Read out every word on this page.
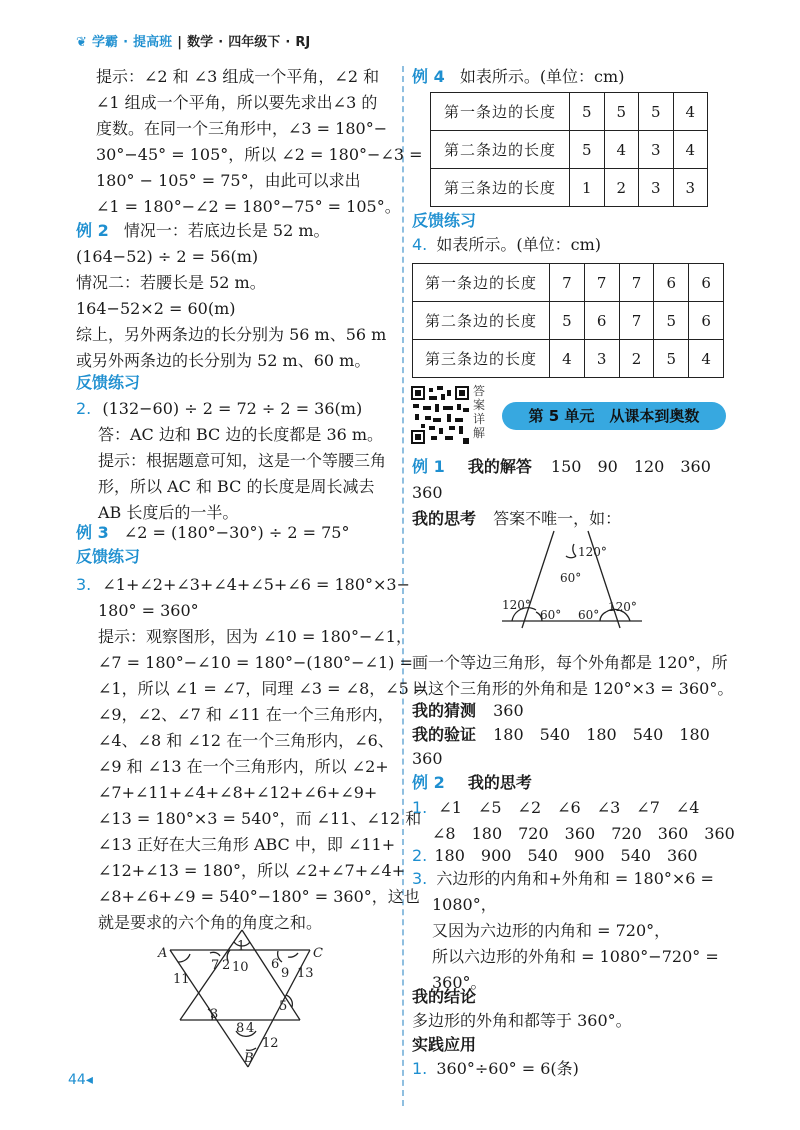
❦ 学霸 · 提高班 | 数学 · 四年级下 · RJ
提示：∠2 和 ∠3 组成一个平角，∠2 和
∠1 组成一个平角，所以要先求出∠3 的
度数。在同一个三角形中，∠3 = 180°−
30°−45° = 105°，所以 ∠2 = 180°−∠3 =
180° − 105° = 75°，由此可以求出
∠1 = 180°−∠2 = 180°−75° = 105°。
例 2 情况一：若底边长是 52 m。
(164−52) ÷ 2 = 56(m)
情况二：若腰长是 52 m。
164−52×2 = 60(m)
综上，另外两条边的长分别为 56 m、56 m
或另外两条边的长分别为 52 m、60 m。
反馈练习
2. (132−60) ÷ 2 = 72 ÷ 2 = 36(m)
答：AC 边和 BC 边的长度都是 36 m。
提示：根据题意可知，这是一个等腰三角
形，所以 AC 和 BC 的长度是周长减去
AB 长度后的一半。
例 3 ∠2 = (180°−30°) ÷ 2 = 75°
反馈练习
3. ∠1+∠2+∠3+∠4+∠5+∠6 = 180°×3−
180° = 360°
提示：观察图形，因为 ∠10 = 180°−∠1，
∠7 = 180°−∠10 = 180°−(180°−∠1) =
∠1，所以 ∠1 = ∠7，同理 ∠3 = ∠8，∠5 =
∠9，∠2、∠7 和 ∠11 在一个三角形内，
∠4、∠8 和 ∠12 在一个三角形内，∠6、
∠9 和 ∠13 在一个三角形内，所以 ∠2+
∠7+∠11+∠4+∠8+∠12+∠6+∠9+
∠13 = 180°×3 = 540°，而 ∠11、∠12 和
∠13 正好在大三角形 ABC 中，即 ∠11+
∠12+∠13 = 180°，所以 ∠2+∠7+∠4+
∠8+∠6+∠9 = 540°−180° = 360°，这也
就是要求的六个角的角度之和。
A	C
B
1
2
7 10
11
6
9 13
5
3
8 4
12
例 4 如表所示。(单位：cm)
第一条边的长度	5	5	5	4
第二条边的长度	5	4	3	4
第三条边的长度	1	2	3	3
反馈练习
4. 如表所示。(单位：cm)
第一条边的长度	7	7	7	6	6
第二条边的长度	5	6	7	5	6
第三条边的长度	4	3	2	5	4
答案详解
第 5 单元　从课本到奥数
例 1 我的解答 150　90　120　360
360
我的思考 答案不唯一，如：
120°
60°
120°
60° 60°
120°
画一个等边三角形，每个外角都是 120°，所
以这个三角形的外角和是 120°×3 = 360°。
我的猜测 360
我的验证 180　540　180　540　180
360
例 2 我的思考
1. ∠1　∠5　∠2　∠6　∠3　∠7　∠4
∠8　180　720　360　720　360　360
2. 180　900　540　900　540　360
3. 六边形的内角和+外角和 = 180°×6 =
1080°，
又因为六边形的内角和 = 720°，
所以六边形的外角和 = 1080°−720° =
360°。
我的结论
多边形的外角和都等于 360°。
实践应用
1. 360°÷60° = 6(条)
44◂
